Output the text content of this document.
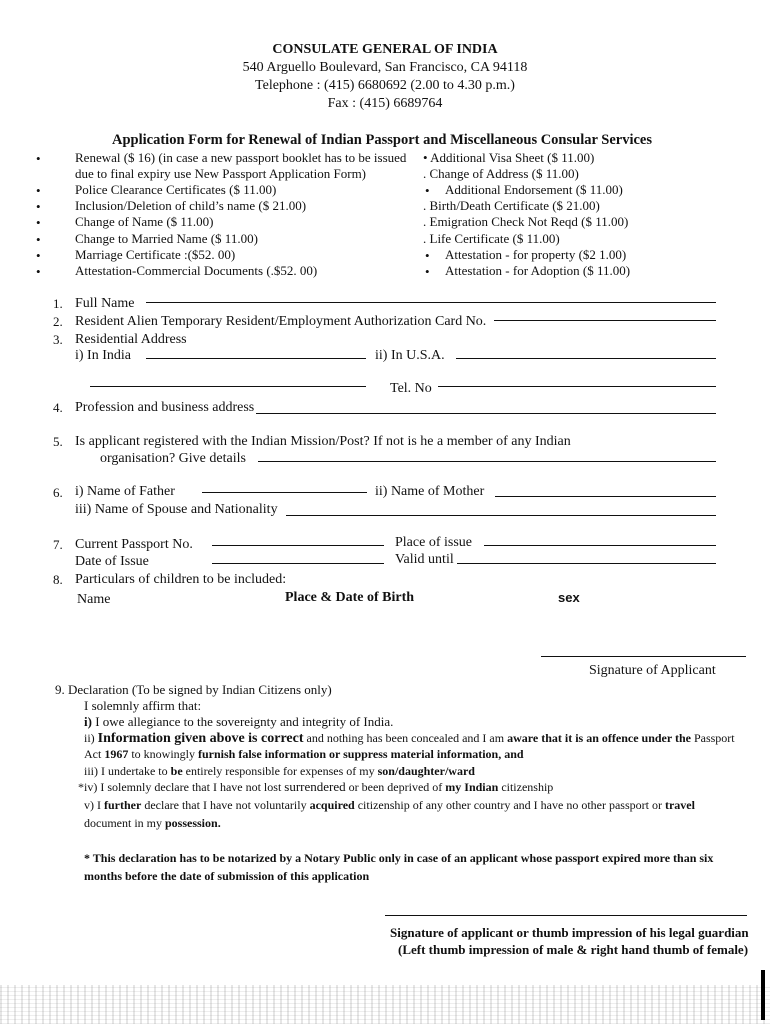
CONSULATE GENERAL OF INDIA
540 Arguello Boulevard, San Francisco, CA 94118
Telephone : (415) 6680692 (2.00 to 4.30 p.m.)
Fax : (415) 6689764
Application Form for Renewal of Indian Passport and Miscellaneous Consular Services
•	Renewal ($ 16) (in case a new passport booklet has to be issued
due to final expiry use New Passport Application Form)
•	Police Clearance Certificates ($ 11.00)
•	Inclusion/Deletion of child’s name ($ 21.00)
•	Change of Name ($ 11.00)
•	Change to Married Name ($ 11.00)
•	Marriage Certificate :($52. 00)
•	Attestation-Commercial Documents (.$52. 00)
• Additional Visa Sheet ($ 11.00)
. Change of Address ($ 11.00)
• Additional Endorsement ($ 11.00)
. Birth/Death Certificate ($ 21.00)
. Emigration Check Not Reqd ($ 11.00)
. Life Certificate ($ 11.00)
• Attestation - for property ($2 1.00)
• Attestation - for Adoption ($ 11.00)
1. Full Name
2. Resident Alien Temporary Resident/Employment Authorization Card No.
3. Residential Address
i) In India	ii) In U.S.A.
Tel. No
4. Profession and business address
5. Is applicant registered with the Indian Mission/Post? If not is he a member of any Indian
organisation? Give details
6. i) Name of Father	ii) Name of Mother
iii) Name of Spouse and Nationality
7. Current Passport No.	Place of issue
Date of Issue	Valid until
8. Particulars of children to be included:
Name	Place & Date of Birth	sex
Signature of Applicant
9. Declaration (To be signed by Indian Citizens only)
I solemnly affirm that:
i) I owe allegiance to the sovereignty and integrity of India.
ii) Information given above is correct and nothing has been concealed and I am aware that it is an offence under the Passport
Act 1967 to knowingly furnish false information or suppress material information, and
iii) I undertake to be entirely responsible for expenses of my son/daughter/ward
*iv) I solemnly declare that I have not lost surrendered or been deprived of my Indian citizenship
v) I further declare that I have not voluntarily acquired citizenship of any other country and I have no other passport or travel
document in my possession.
* This declaration has to be notarized by a Notary Public only in case of an applicant whose passport expired more than six
months before the date of submission of this application
Signature of applicant or thumb impression of his legal guardian
(Left thumb impression of male & right hand thumb of female)
